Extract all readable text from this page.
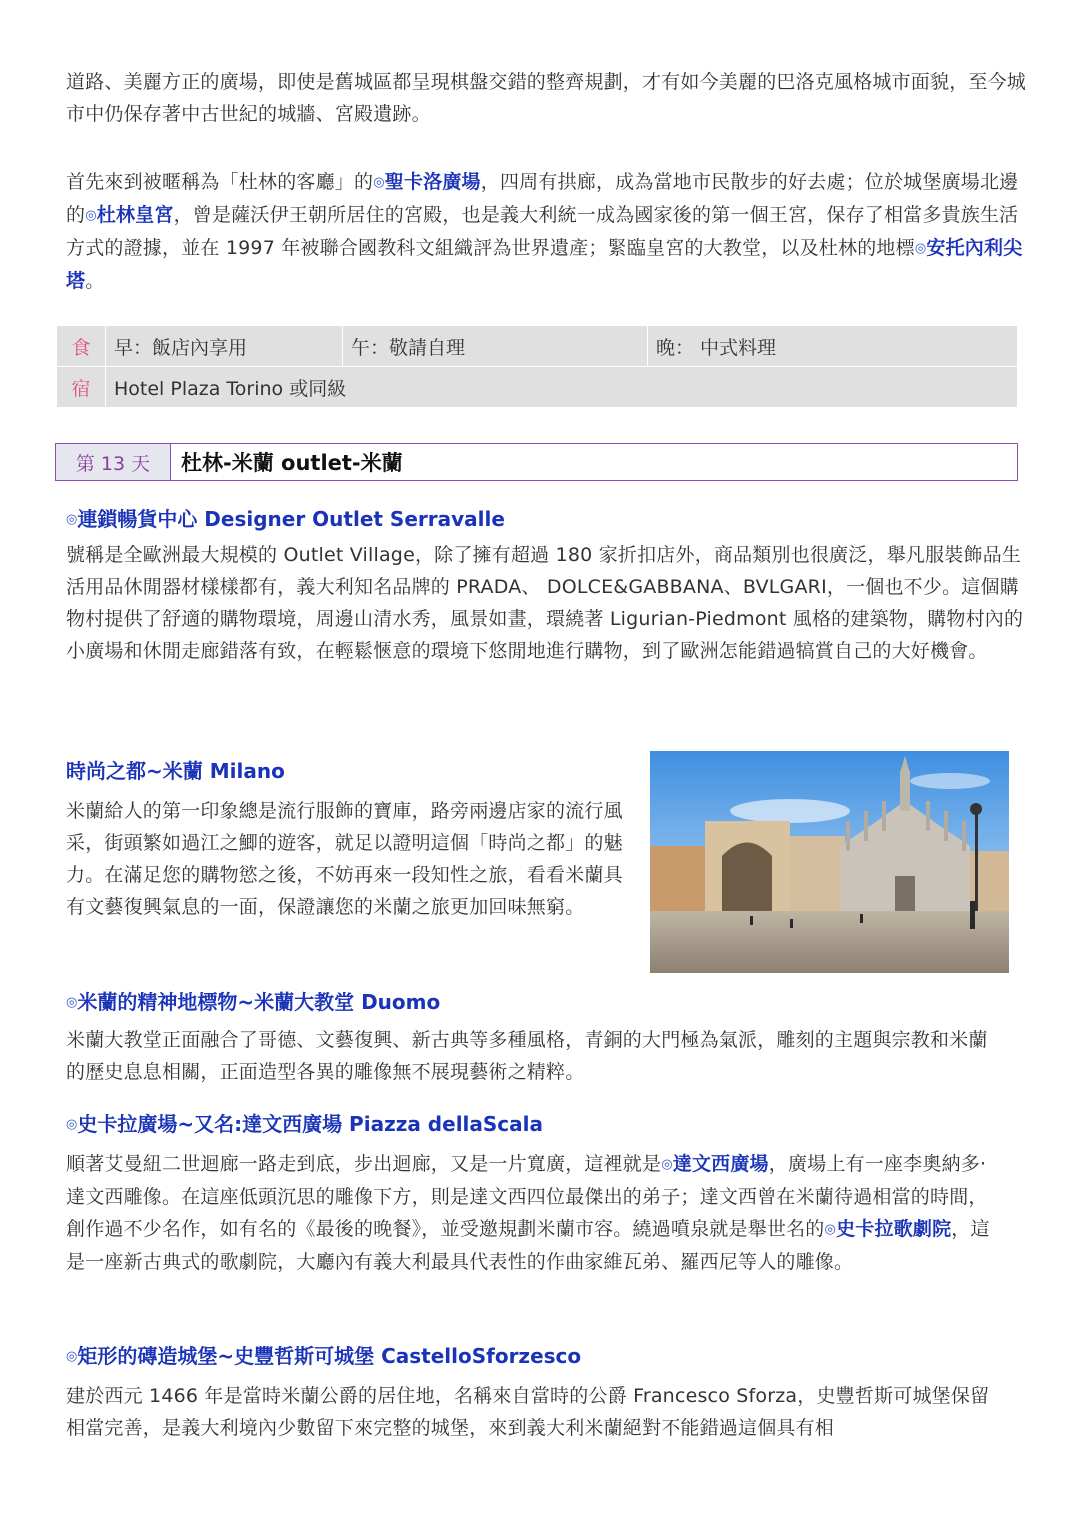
道路、美麗方正的廣場，即使是舊城區都呈現棋盤交錯的整齊規劃，才有如今美麗的巴洛克風格城市面貌，至今城市中仍保存著中古世紀的城牆、宮殿遺跡。

首先來到被暱稱為「杜林的客廳」的◎聖卡洛廣場，四周有拱廊，成為當地市民散步的好去處；位於城堡廣場北邊的◎杜林皇宮，曾是薩沃伊王朝所居住的宮殿，也是義大利統一成為國家後的第一個王宮，保存了相當多貴族生活方式的證據，並在 1997 年被聯合國教科文組織評為世界遺產；緊臨皇宮的大教堂，以及杜林的地標◎安托內利尖塔。

食	早：飯店內享用	午：敬請自理	晚： 中式料理
宿	Hotel Plaza Torino 或同級		
第 13 天	杜林-米蘭 outlet-米蘭
◎連鎖暢貨中心 Designer Outlet Serravalle

號稱是全歐洲最大規模的 Outlet Village，除了擁有超過 180 家折扣店外，商品類別也很廣泛，舉凡服裝飾品生活用品休閒器材樣樣都有，義大利知名品牌的 PRADA、 DOLCE&GABBANA、BVLGARI，一個也不少。這個購物村提供了舒適的購物環境，周邊山清水秀，風景如畫，環繞著 Ligurian-Piedmont 風格的建築物，購物村內的小廣場和休閒走廊錯落有致，在輕鬆愜意的環境下悠閒地進行購物，到了歐洲怎能錯過犒賞自己的大好機會。

時尚之都~米蘭 Milano

米蘭給人的第一印象總是流行服飾的寶庫，路旁兩邊店家的流行風采，街頭繁如過江之鯽的遊客，就足以證明這個「時尚之都」的魅力。在滿足您的購物慾之後，不妨再來一段知性之旅，看看米蘭具有文藝復興氣息的一面，保證讓您的米蘭之旅更加回味無窮。

◎米蘭的精神地標物~米蘭大教堂 Duomo

米蘭大教堂正面融合了哥德、文藝復興、新古典等多種風格，青銅的大門極為氣派，雕刻的主題與宗教和米蘭的歷史息息相關，正面造型各異的雕像無不展現藝術之精粹。

◎史卡拉廣場~又名:達文西廣場 Piazza dellaScala

順著艾曼紐二世迴廊一路走到底，步出迴廊，又是一片寬廣，這裡就是◎達文西廣場，廣場上有一座李奧納多·達文西雕像。在這座低頭沉思的雕像下方，則是達文西四位最傑出的弟子；達文西曾在米蘭待過相當的時間，創作過不少名作，如有名的《最後的晚餐》，並受邀規劃米蘭市容。繞過噴泉就是舉世名的◎史卡拉歌劇院，這是一座新古典式的歌劇院，大廳內有義大利最具代表性的作曲家維瓦弟、羅西尼等人的雕像。

◎矩形的磚造城堡~史豐哲斯可城堡 CastelloSforzesco

建於西元 1466 年是當時米蘭公爵的居住地，名稱來自當時的公爵 Francesco Sforza，史豐哲斯可城堡保留相當完善，是義大利境內少數留下來完整的城堡，來到義大利米蘭絕對不能錯過這個具有相
